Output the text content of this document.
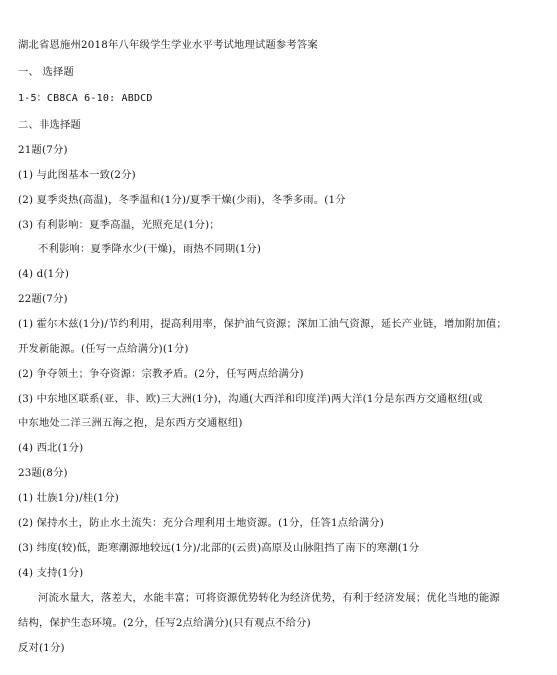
湖北省恩施州2018年八年级学生学业水平考试地理试题参考答案
一、 选择题
1-5：CB8CA 6-10: ABDCD
二、非选择题
21题(7分)
(1) 与此图基本一致(2分)
(2) 夏季炎热(高温)，冬季温和(1分)/夏季干燥(少雨)，冬季多雨。(1分
(3) 有利影响：夏季高温，光照充足(1分)；
不利影响：夏季降水少(干燥)，雨热不同期(1分)
(4) d(1分)
22题(7分)
(1) 霍尔木兹(1分)/节约利用，提高利用率，保护油气资源；深加工油气资源，延长产业链，增加附加值；
开发新能源。(任写一点给满分)(1分)
(2) 争夺领土；争夺资源：宗教矛盾。(2分，任写两点给满分)
(3) 中东地区联系(亚、非、欧)三大洲(1分)，沟通(大西洋和印度洋)两大洋(1分是东西方交通枢纽(或
中东地处二洋三洲五海之抱，是东西方交通枢纽)
(4) 西北(1分)
23题(8分)
(1) 壮族1分)/桂(1分)
(2) 保持水土，防止水土流失：充分合理利用土地资源。(1分，任答1点给满分)
(3) 纬度(较)低，距寒潮源地较远(1分)/北部的(云贵)高原及山脉阻挡了南下的寒潮(1分
(4) 支持(1分)
河流水量大，落差大，水能丰富；可将资源优势转化为经济优势，有利于经济发展；优化当地的能源
结构，保护生态环境。(2分，任写2点给满分)(只有观点不给分)
反对(1分)
